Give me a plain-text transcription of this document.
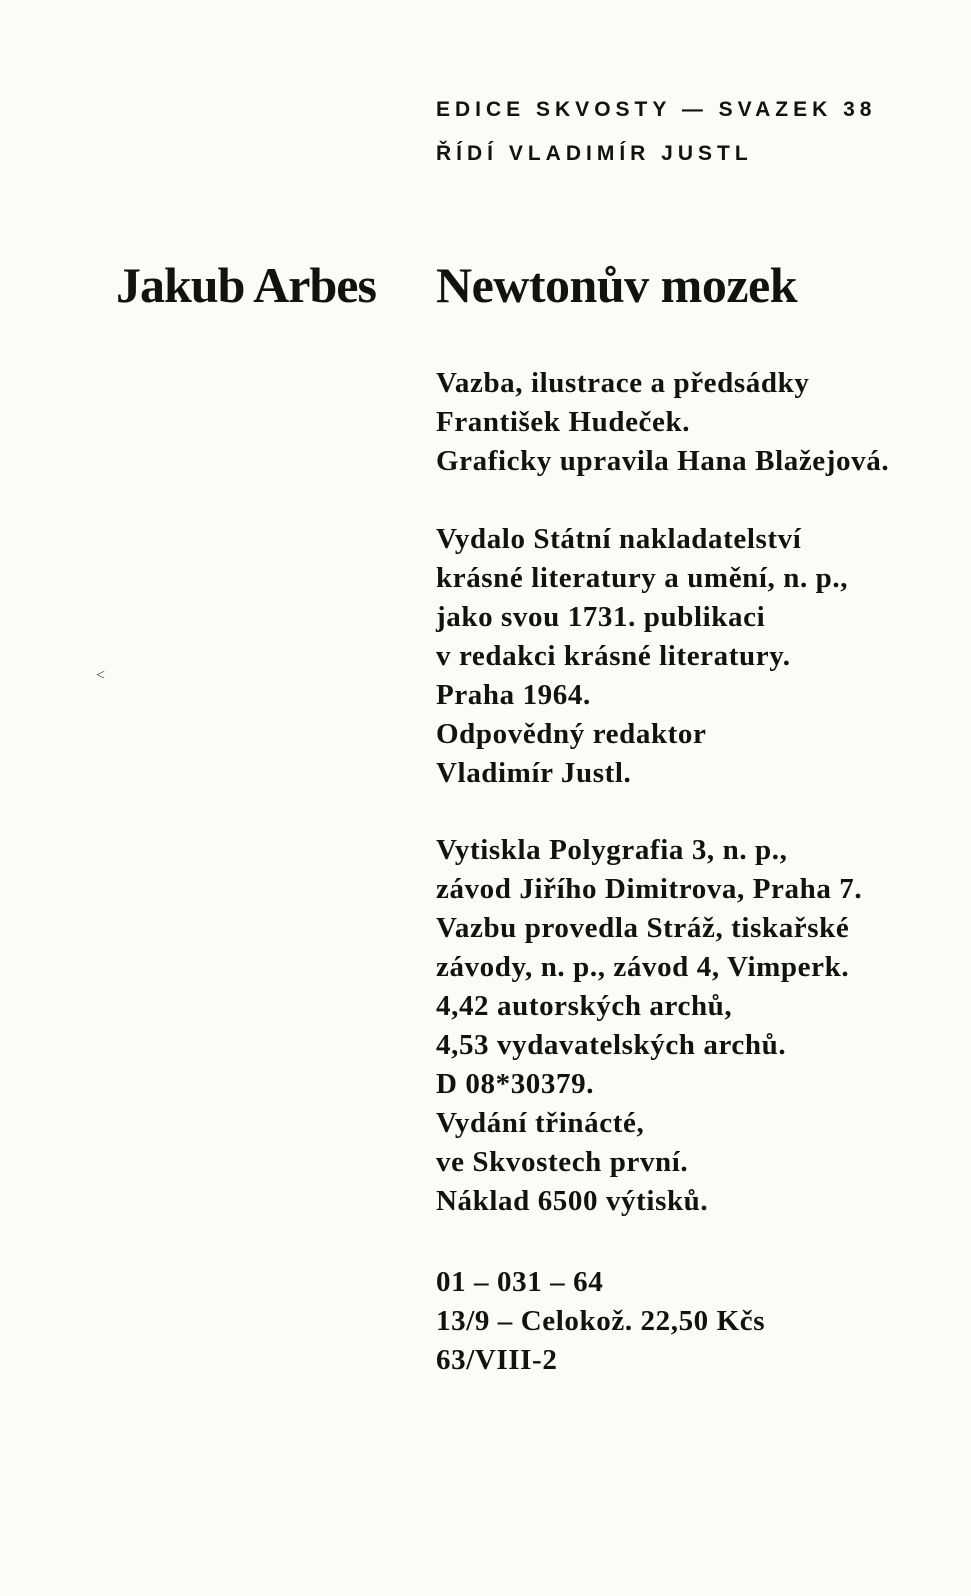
EDICE SKVOSTY — SVAZEK 38
ŘÍDÍ VLADIMÍR JUSTL
Jakub Arbes Newtonův mozek
<
Vazba, ilustrace a předsádky
František Hudeček.
Graficky upravila Hana Blažejová.
Vydalo Státní nakladatelství
krásné literatury a umění, n. p.,
jako svou 1731. publikaci
v redakci krásné literatury.
Praha 1964.
Odpovědný redaktor
Vladimír Justl.
Vytiskla Polygrafia 3, n. p.,
závod Jiřího Dimitrova, Praha 7.
Vazbu provedla Stráž, tiskařské
závody, n. p., závod 4, Vimperk.
4,42 autorských archů,
4,53 vydavatelských archů.
D 08*30379.
Vydání třinácté,
ve Skvostech první.
Náklad 6500 výtisků.
01 – 031 – 64
13/9 – Celokož. 22,50 Kčs
63/VIII-2
